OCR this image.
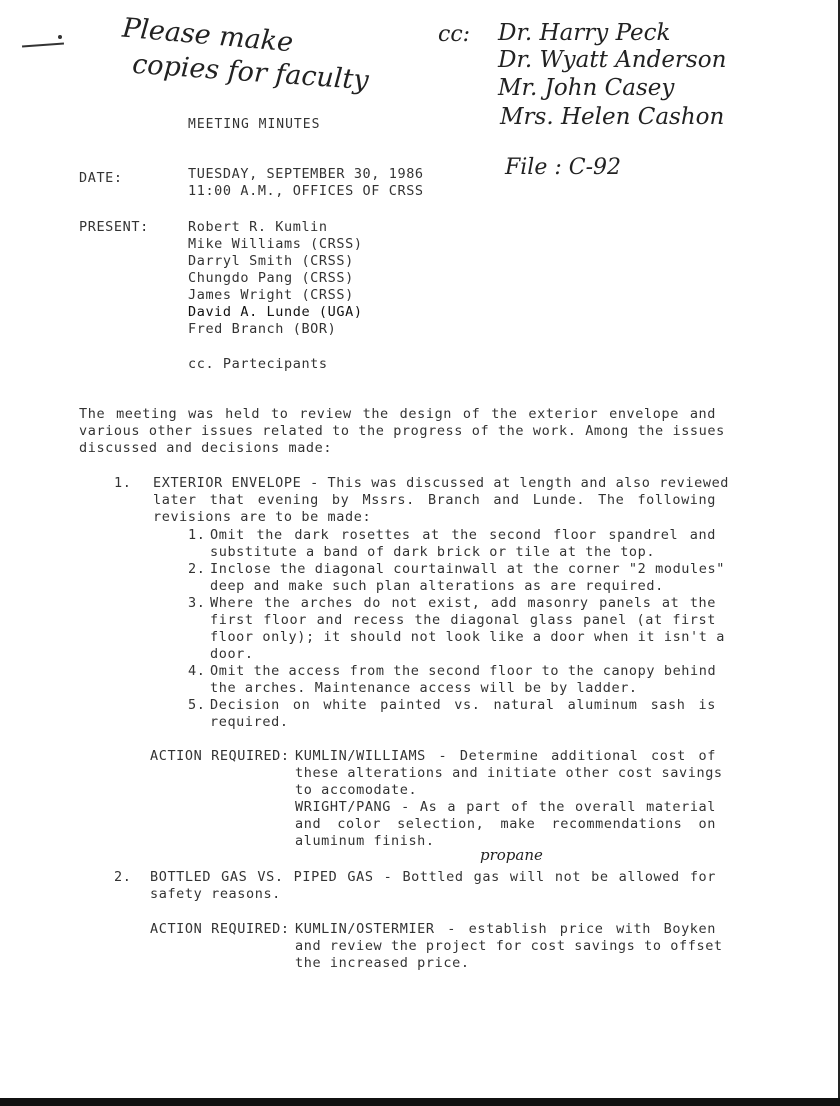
Please make
copies for faculty
cc: Dr. Harry Peck
Dr. Wyatt Anderson
Mr. John Casey
Mrs. Helen Cashon
File : C-92
propane
MEETING MINUTES
DATE:	TUESDAY, SEPTEMBER 30, 1986
11:00 A.M., OFFICES OF CRSS
PRESENT:	Robert R. Kumlin
Mike Williams (CRSS)
Darryl Smith (CRSS)
Chungdo Pang (CRSS)
James Wright (CRSS)
David A. Lunde (UGA)
Fred Branch (BOR)
cc. Partecipants
The meeting was held to review the design of the exterior envelope and
various other issues related to the progress of the work. Among the issues
discussed and decisions made:
1. EXTERIOR ENVELOPE - This was discussed at length and also reviewed
later that evening by Mssrs. Branch and Lunde. The following
revisions are to be made:
1. Omit the dark rosettes at the second floor spandrel and
substitute a band of dark brick or tile at the top.
2. Inclose the diagonal courtainwall at the corner "2 modules"
deep and make such plan alterations as are required.
3. Where the arches do not exist, add masonry panels at the
first floor and recess the diagonal glass panel (at first
floor only); it should not look like a door when it isn't a
door.
4. Omit the access from the second floor to the canopy behind
the arches. Maintenance access will be by ladder.
5. Decision on white painted vs. natural aluminum sash is
required.
ACTION REQUIRED: KUMLIN/WILLIAMS - Determine additional cost of
these alterations and initiate other cost savings
to accomodate.
WRIGHT/PANG - As a part of the overall material
and color selection, make recommendations on
aluminum finish.
2. BOTTLED GAS VS. PIPED GAS - Bottled gas will not be allowed for
safety reasons.
ACTION REQUIRED: KUMLIN/OSTERMIER - establish price with Boyken
and review the project for cost savings to offset
the increased price.
